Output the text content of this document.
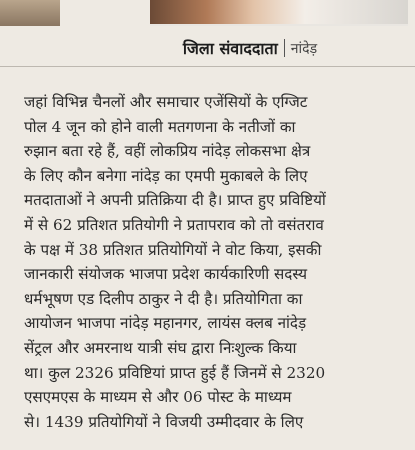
जिला संवाददाता नांदेड़
जहां विभिन्न चैनलों और समाचार एजेंसियों के एग्जिट
पोल 4 जून को होने वाली मतगणना के नतीजों का
रुझान बता रहे हैं, वहीं लोकप्रिय नांदेड़ लोकसभा क्षेत्र
के लिए कौन बनेगा नांदेड़ का एमपी मुकाबले के लिए
मतदाताओं ने अपनी प्रतिक्रिया दी है। प्राप्त हुए प्रविष्टियों
में से 62 प्रतिशत प्रतियोगी ने प्रतापराव को तो वसंतराव
के पक्ष में 38 प्रतिशत प्रतियोगियों ने वोट किया, इसकी
जानकारी संयोजक भाजपा प्रदेश कार्यकारिणी सदस्य
धर्मभूषण एड दिलीप ठाकुर ने दी है। प्रतियोगिता का
आयोजन भाजपा नांदेड़ महानगर, लायंस क्लब नांदेड़
सेंट्रल और अमरनाथ यात्री संघ द्वारा निःशुल्क किया
था। कुल 2326 प्रविष्टियां प्राप्त हुई हैं जिनमें से 2320
एसएमएस के माध्यम से और 06 पोस्ट के माध्यम
से। 1439 प्रतियोगियों ने विजयी उम्मीदवार के लिए
